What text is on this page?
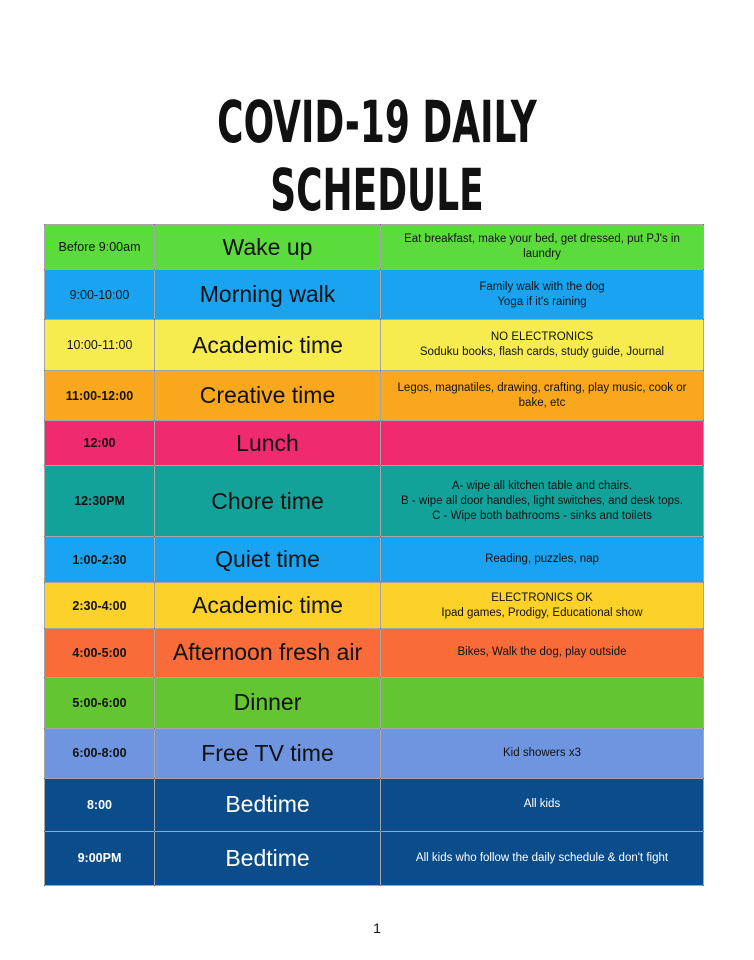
COVID-19 DAILY SCHEDULE
Before 9:00am	Wake up	Eat breakfast, make your bed, get dressed, put PJ's in laundry

9:00-10:00	Morning walk	Family walk with the dog
Yoga if it's raining

10:00-11:00	Academic time	NO ELECTRONICS
Soduku books, flash cards, study guide, Journal

11:00-12:00	Creative time	Legos, magnatiles, drawing, crafting, play music, cook or bake, etc

12:00	Lunch	
12:30PM	Chore time	A- wipe all kitchen table and chairs.
B - wipe all door handles, light switches, and desk tops.
C - Wipe both bathrooms - sinks and toilets

1:00-2:30	Quiet time	Reading, puzzles, nap

2:30-4:00	Academic time	ELECTRONICS OK
Ipad games, Prodigy, Educational show

4:00-5:00	Afternoon fresh air	Bikes, Walk the dog, play outside

5:00-6:00	Dinner	
6:00-8:00	Free TV time	Kid showers x3

8:00	Bedtime	All kids

9:00PM	Bedtime	All kids who follow the daily schedule & don't fight
1
